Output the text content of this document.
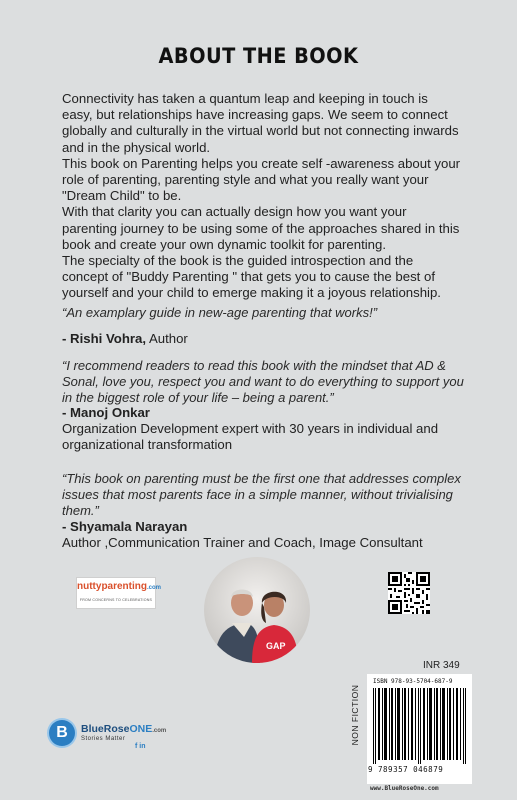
ABOUT THE BOOK

Connectivity has taken a quantum leap and keeping in touch is easy, but relationships have increasing gaps. We seem to connect globally and culturally in the virtual world but not connecting inwards and in the physical world.

This book on Parenting helps you create self -awareness about your role of parenting, parenting style and what you really want your "Dream Child" to be.

With that clarity you can actually design how you want your parenting journey to be using some of the approaches shared in this book and create your own dynamic toolkit for parenting.

The specialty of the book is the guided introspection and the concept of "Buddy Parenting " that gets you to cause the best of yourself and your child to emerge making it a joyous relationship.

“An examplary guide in new-age parenting that works!”
- Rishi Vohra, Author
“I recommend readers to read this book with the mindset that AD & Sonal, love you, respect you and want to do everything to support you in the biggest role of your life – being a parent.”
- Manoj Onkar
Organization Development expert with 30 years in individual and organizational transformation
“This book on parenting must be the first one that addresses complex issues that most parents face in a simple manner, without trivialising them.”
- Shyamala Narayan
Author ,Communication Trainer and Coach, Image Consultant
nuttyparenting.com
FROM CONCERNS TO CELEBRATIONS
GAP
B	BlueRoseONE.com
Stories Matter
f in
INR 349
NON FICTION
ISBN 978-93-5704-687-9
9 789357 046879
www.BlueRoseOne.com
